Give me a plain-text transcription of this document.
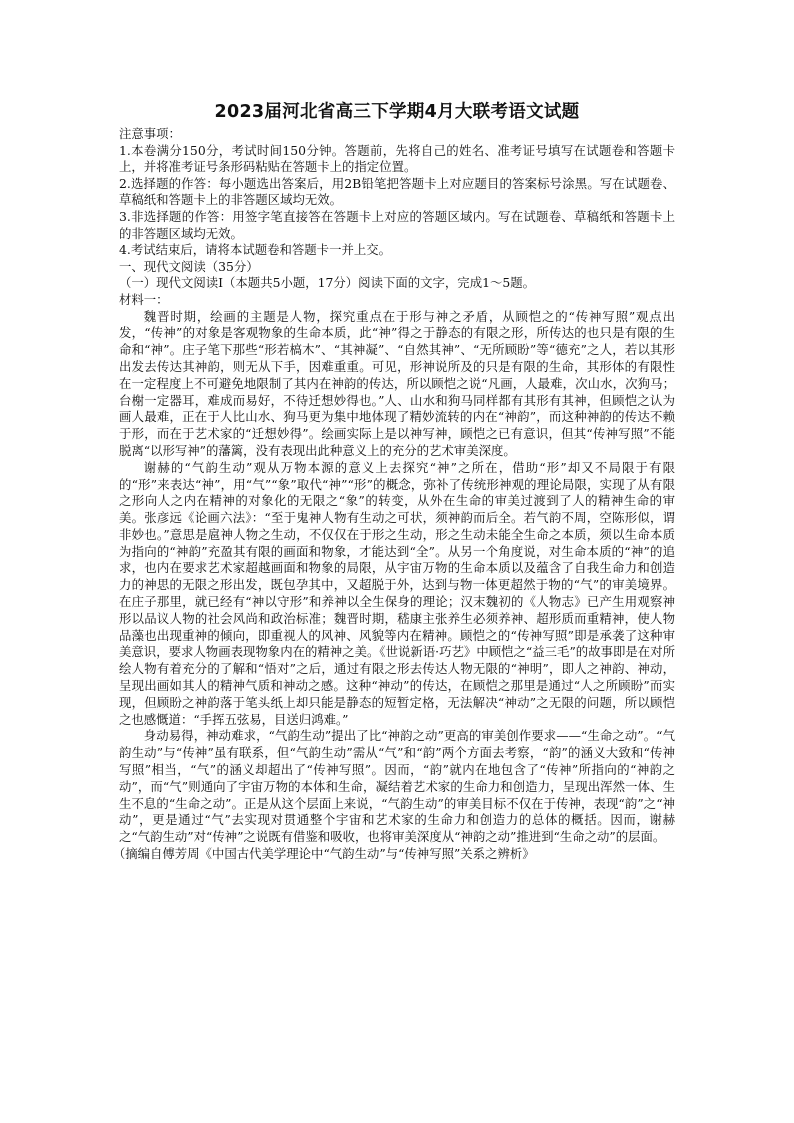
2023届河北省高三下学期4月大联考语文试题

注意事项：

1.本卷满分150分，考试时间150分钟。答题前，先将自己的姓名、准考证号填写在试题卷和答题卡上，并将准考证号条形码粘贴在答题卡上的指定位置。

2.选择题的作答：每小题选出答案后，用2B铅笔把答题卡上对应题目的答案标号涂黑。写在试题卷、草稿纸和答题卡上的非答题区域均无效。

3.非选择题的作答：用签字笔直接答在答题卡上对应的答题区域内。写在试题卷、草稿纸和答题卡上的非答题区域均无效。

4.考试结束后，请将本试题卷和答题卡一并上交。

一、现代文阅读（35分）

（一）现代文阅读Ⅰ（本题共5小题，17分）阅读下面的文字，完成1～5题。

材料一：

魏晋时期，绘画的主题是人物，探究重点在于形与神之矛盾，从顾恺之的“传神写照”观点出发，“传神”的对象是客观物象的生命本质，此“神”得之于静态的有限之形，所传达的也只是有限的生命和“神”。庄子笔下那些“形若槁木”、“其神凝”、“自然其神”、“无所顾盼”等“德充”之人，若以其形出发去传达其神韵，则无从下手，因难重重。可见，形神说所及的只是有限的生命，其形体的有限性在一定程度上不可避免地限制了其内在神韵的传达，所以顾恺之说“凡画，人最难，次山水，次狗马；台榭一定器耳，难成而易好，不待迁想妙得也。”人、山水和狗马同样都有其形有其神，但顾恺之认为画人最难，正在于人比山水、狗马更为集中地体现了精妙流转的内在“神韵”，而这种神韵的传达不赖于形，而在于艺术家的“迁想妙得”。绘画实际上是以神写神，顾恺之已有意识，但其“传神写照”不能脱离“以形写神”的藩篱，没有表现出此种意义上的充分的艺术审美深度。

谢赫的“气韵生动”观从万物本源的意义上去探究“神”之所在，借助“形”却又不局限于有限的“形”来表达“神”，用“气”“象”取代“神”“形”的概念，弥补了传统形神观的理论局限，实现了从有限之形向人之内在精神的对象化的无限之“象”的转变，从外在生命的审美过渡到了人的精神生命的审美。张彦远《论画六法》：“至于鬼神人物有生动之可状，须神韵而后全。若气韵不周，空陈形似，谓非妙也。”意思是扈神人物之生动，不仅仅在于形之生动，形之生动未能全生命之本质，须以生命本质为指向的“神韵”充盈其有限的画面和物象，才能达到“全”。从另一个角度说，对生命本质的“神”的追求，也内在要求艺术家超越画面和物象的局限，从宇宙万物的生命本质以及蕴含了自我生命力和创造力的神思的无限之形出发，既包孕其中，又超脱于外，达到与物一体更超然于物的“气”的审美境界。在庄子那里，就已经有“神以守形”和养神以全生保身的理论；汉末魏初的《人物志》已产生用观察神形以品议人物的社会风尚和政治标准；魏晋时期，嵇康主张养生必须养神、超形质而重精神，使人物品藻也出现重神的倾向，即重视人的风神、风貌等内在精神。顾恺之的“传神写照”即是承袭了这种审美意识，要求人物画表现物象内在的精神之美。《世说新语·巧艺》中顾恺之“益三毛”的故事即是在对所绘人物有着充分的了解和“悟对”之后，通过有限之形去传达人物无限的“神明”，即人之神韵、神动，呈现出画如其人的精神气质和神动之感。这种“神动”的传达，在顾恺之那里是通过“人之所顾盼”而实现，但顾盼之神韵落于笔头纸上却只能是静态的短暂定格，无法解决“神动”之无限的问题，所以顾恺之也感慨道：“手挥五弦易，目送归鸿难。”

身动易得，神动难求，“气韵生动”提出了比“神韵之动”更高的审美创作要求——“生命之动”。“气韵生动”与“传神”虽有联系，但“气韵生动”需从“气”和“韵”两个方面去考察，“韵”的涵义大致和“传神写照”相当，“气”的涵义却超出了“传神写照”。因而，“韵”就内在地包含了“传神”所指向的“神韵之动”，而“气”则通向了宇宙万物的本体和生命，凝结着艺术家的生命力和创造力，呈现出浑然一体、生生不息的“生命之动”。正是从这个层面上来说，“气韵生动”的审美目标不仅在于传神，表现“韵”之“神动”，更是通过“气”去实现对贯通整个宇宙和艺术家的生命力和创造力的总体的概括。因而，谢赫之“气韵生动”对“传神”之说既有借鉴和吸收，也将审美深度从“神韵之动”推进到“生命之动”的层面。

（摘编自傅芳周《中国古代美学理论中“气韵生动”与“传神写照”关系之辨析》
